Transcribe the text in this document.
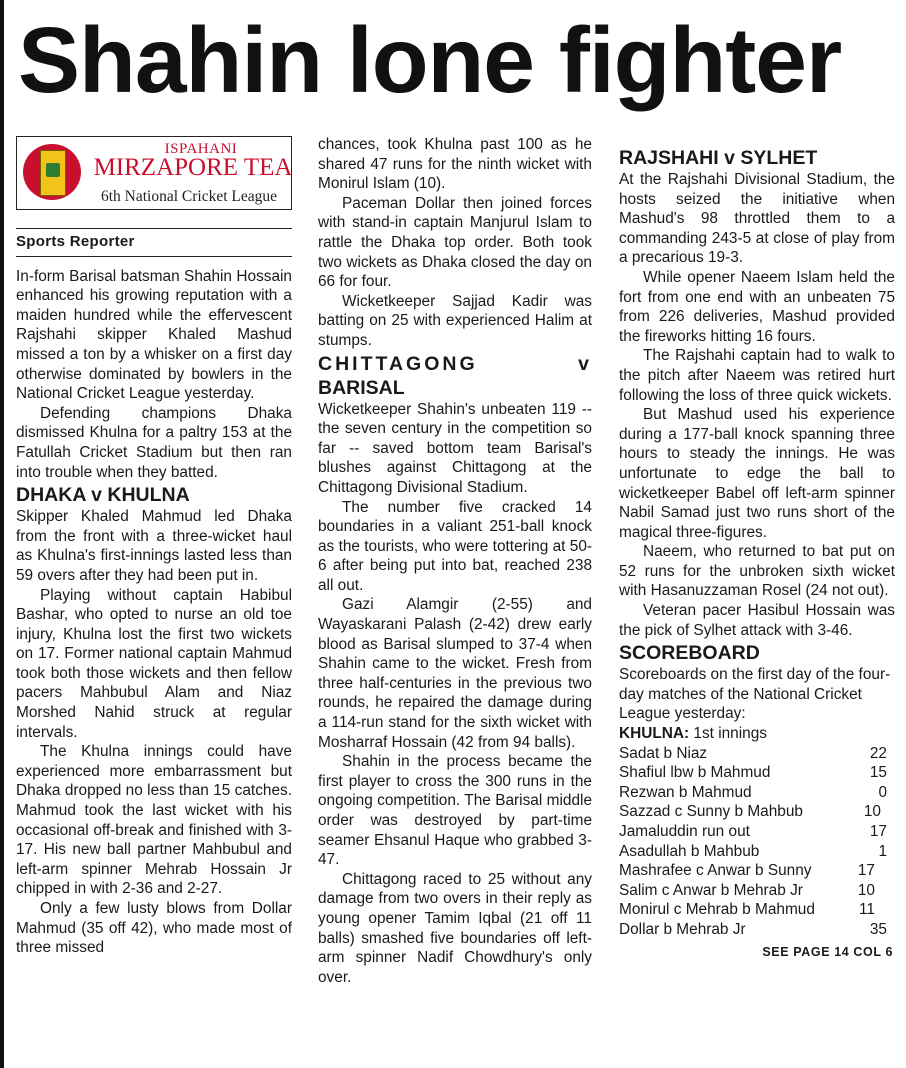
Shahin lone fighter
ISPAHANI
MIRZAPORE TEA
6th National Cricket League
Sports Reporter

In-form Barisal batsman Shahin Hossain enhanced his growing reputation with a maiden hundred while the effervescent Rajshahi skipper Khaled Mashud missed a ton by a whisker on a first day otherwise dominated by bowlers in the National Cricket League yesterday.

Defending champions Dhaka dismissed Khulna for a paltry 153 at the Fatullah Cricket Stadium but then ran into trouble when they batted.

DHAKA v KHULNA

Skipper Khaled Mahmud led Dhaka from the front with a three-wicket haul as Khulna's first-innings lasted less than 59 overs after they had been put in.

Playing without captain Habibul Bashar, who opted to nurse an old toe injury, Khulna lost the first two wickets on 17. Former national captain Mahmud took both those wickets and then fellow pacers Mahbubul Alam and Niaz Morshed Nahid struck at regular intervals.

The Khulna innings could have experienced more embarrassment but Dhaka dropped no less than 15 catches. Mahmud took the last wicket with his occasional off-break and finished with 3-17. His new ball partner Mahbubul and left-arm spinner Mehrab Hossain Jr chipped in with 2-36 and 2-27.

Only a few lusty blows from Dollar Mahmud (35 off 42), who made most of three missed

chances, took Khulna past 100 as he shared 47 runs for the ninth wicket with Monirul Islam (10).

Paceman Dollar then joined forces with stand-in captain Manjurul Islam to rattle the Dhaka top order. Both took two wickets as Dhaka closed the day on 66 for four.

Wicketkeeper Sajjad Kadir was batting on 25 with experienced Halim at stumps.

CHITTAGONG	v
BARISAL

Wicketkeeper Shahin's unbeaten 119 -- the seven century in the competition so far -- saved bottom team Barisal's blushes against Chittagong at the Chittagong Divisional Stadium.

The number five cracked 14 boundaries in a valiant 251-ball knock as the tourists, who were tottering at 50-6 after being put into bat, reached 238 all out.

Gazi Alamgir (2-55) and Wayaskarani Palash (2-42) drew early blood as Barisal slumped to 37-4 when Shahin came to the wicket. Fresh from three half-centuries in the previous two rounds, he repaired the damage during a 114-run stand for the sixth wicket with Mosharraf Hossain (42 from 94 balls).

Shahin in the process became the first player to cross the 300 runs in the ongoing competition. The Barisal middle order was destroyed by part-time seamer Ehsanul Haque who grabbed 3-47.

Chittagong raced to 25 without any damage from two overs in their reply as young opener Tamim Iqbal (21 off 11 balls) smashed five boundaries off left-arm spinner Nadif Chowdhury's only over.

RAJSHAHI v SYLHET

At the Rajshahi Divisional Stadium, the hosts seized the initiative when Mashud's 98 throttled them to a commanding 243-5 at close of play from a precarious 19-3.

While opener Naeem Islam held the fort from one end with an unbeaten 75 from 226 deliveries, Mashud provided the fireworks hitting 16 fours.

The Rajshahi captain had to walk to the pitch after Naeem was retired hurt following the loss of three quick wickets.

But Mashud used his experience during a 177-ball knock spanning three hours to steady the innings. He was unfortunate to edge the ball to wicketkeeper Babel off left-arm spinner Nabil Samad just two runs short of the magical three-figures.

Naeem, who returned to bat put on 52 runs for the unbroken sixth wicket with Hasanuzzaman Rosel (24 not out).

Veteran pacer Hasibul Hossain was the pick of Sylhet attack with 3-46.

SCOREBOARD

Scoreboards on the first day of the four-day matches of the National Cricket League yesterday:

KHULNA: 1st innings
Sadat b Niaz	22
Shafiul lbw b Mahmud	15
Rezwan b Mahmud	0
Sazzad c Sunny b Mahbub	10
Jamaluddin run out	17
Asadullah b Mahbub	1
Mashrafee c Anwar b Sunny	17
Salim c Anwar b Mehrab Jr	10
Monirul c Mehrab b Mahmud	11
Dollar b Mehrab Jr	35
SEE PAGE 14 COL 6
